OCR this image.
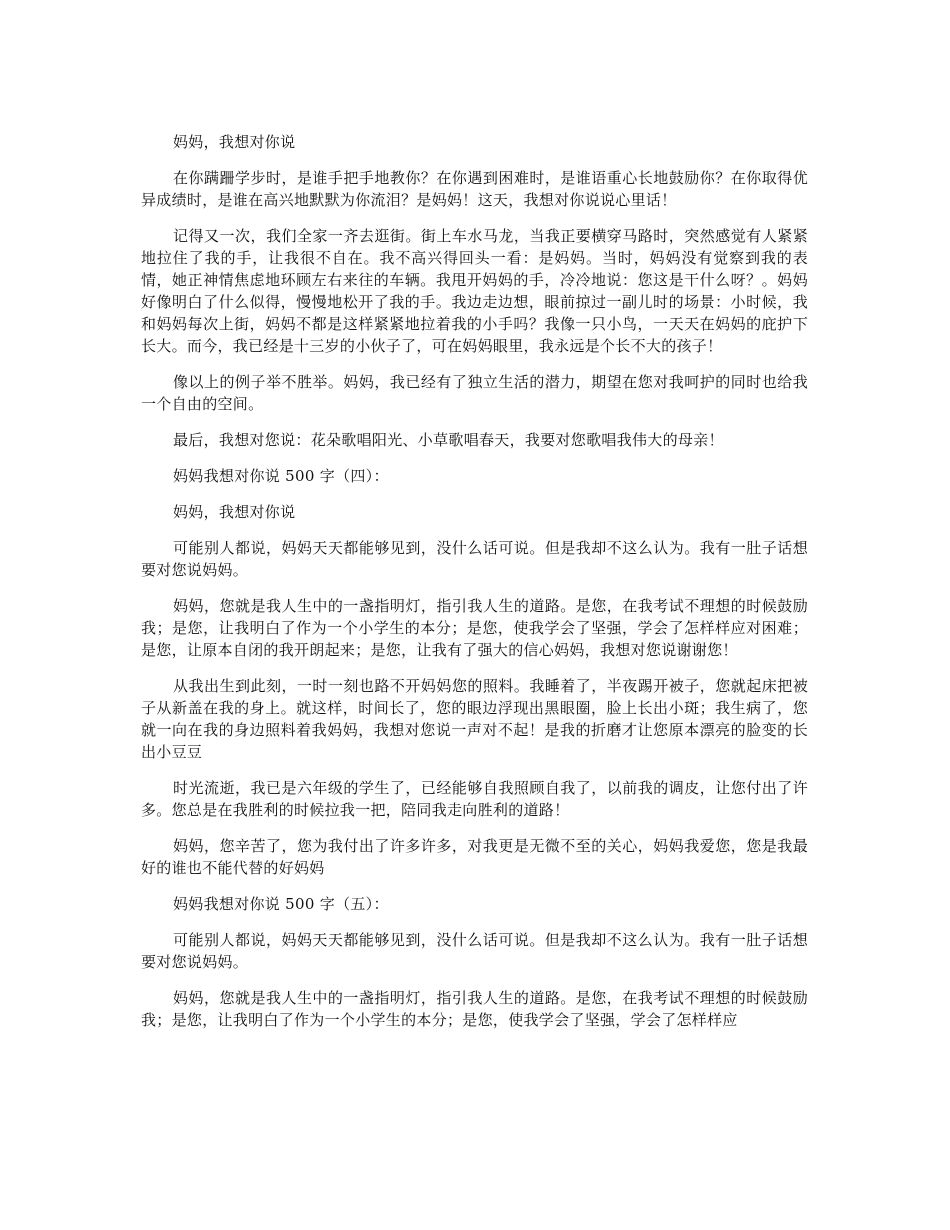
妈妈，我想对你说

在你蹒跚学步时，是谁手把手地教你？在你遇到困难时，是谁语重心长地鼓励你？在你取得优异成绩时，是谁在高兴地默默为你流泪？是妈妈！这天，我想对你说说心里话！

记得又一次，我们全家一齐去逛街。街上车水马龙，当我正要横穿马路时，突然感觉有人紧紧地拉住了我的手，让我很不自在。我不高兴得回头一看：是妈妈。当时，妈妈没有觉察到我的表情，她正神情焦虑地环顾左右来往的车辆。我甩开妈妈的手，冷冷地说：您这是干什么呀？。妈妈好像明白了什么似得，慢慢地松开了我的手。我边走边想，眼前掠过一副儿时的场景：小时候，我和妈妈每次上街，妈妈不都是这样紧紧地拉着我的小手吗？我像一只小鸟，一天天在妈妈的庇护下长大。而今，我已经是十三岁的小伙子了，可在妈妈眼里，我永远是个长不大的孩子！

像以上的例子举不胜举。妈妈，我已经有了独立生活的潜力，期望在您对我呵护的同时也给我一个自由的空间。

最后，我想对您说：花朵歌唱阳光、小草歌唱春天，我要对您歌唱我伟大的母亲！

妈妈我想对你说 500 字（四）：

妈妈，我想对你说

可能别人都说，妈妈天天都能够见到，没什么话可说。但是我却不这么认为。我有一肚子话想要对您说妈妈。

妈妈，您就是我人生中的一盏指明灯，指引我人生的道路。是您，在我考试不理想的时候鼓励我；是您，让我明白了作为一个小学生的本分；是您，使我学会了坚强，学会了怎样样应对困难；是您，让原本自闭的我开朗起来；是您，让我有了强大的信心妈妈，我想对您说谢谢您！

从我出生到此刻，一时一刻也路不开妈妈您的照料。我睡着了，半夜踢开被子，您就起床把被子从新盖在我的身上。就这样，时间长了，您的眼边浮现出黑眼圈，脸上长出小斑；我生病了，您就一向在我的身边照料着我妈妈，我想对您说一声对不起！是我的折磨才让您原本漂亮的脸变的长出小豆豆

时光流逝，我已是六年级的学生了，已经能够自我照顾自我了，以前我的调皮，让您付出了许多。您总是在我胜利的时候拉我一把，陪同我走向胜利的道路！

妈妈，您辛苦了，您为我付出了许多许多，对我更是无微不至的关心，妈妈我爱您，您是我最好的谁也不能代替的好妈妈

妈妈我想对你说 500 字（五）：

可能别人都说，妈妈天天都能够见到，没什么话可说。但是我却不这么认为。我有一肚子话想要对您说妈妈。

妈妈，您就是我人生中的一盏指明灯，指引我人生的道路。是您，在我考试不理想的时候鼓励我；是您，让我明白了作为一个小学生的本分；是您，使我学会了坚强，学会了怎样样应
